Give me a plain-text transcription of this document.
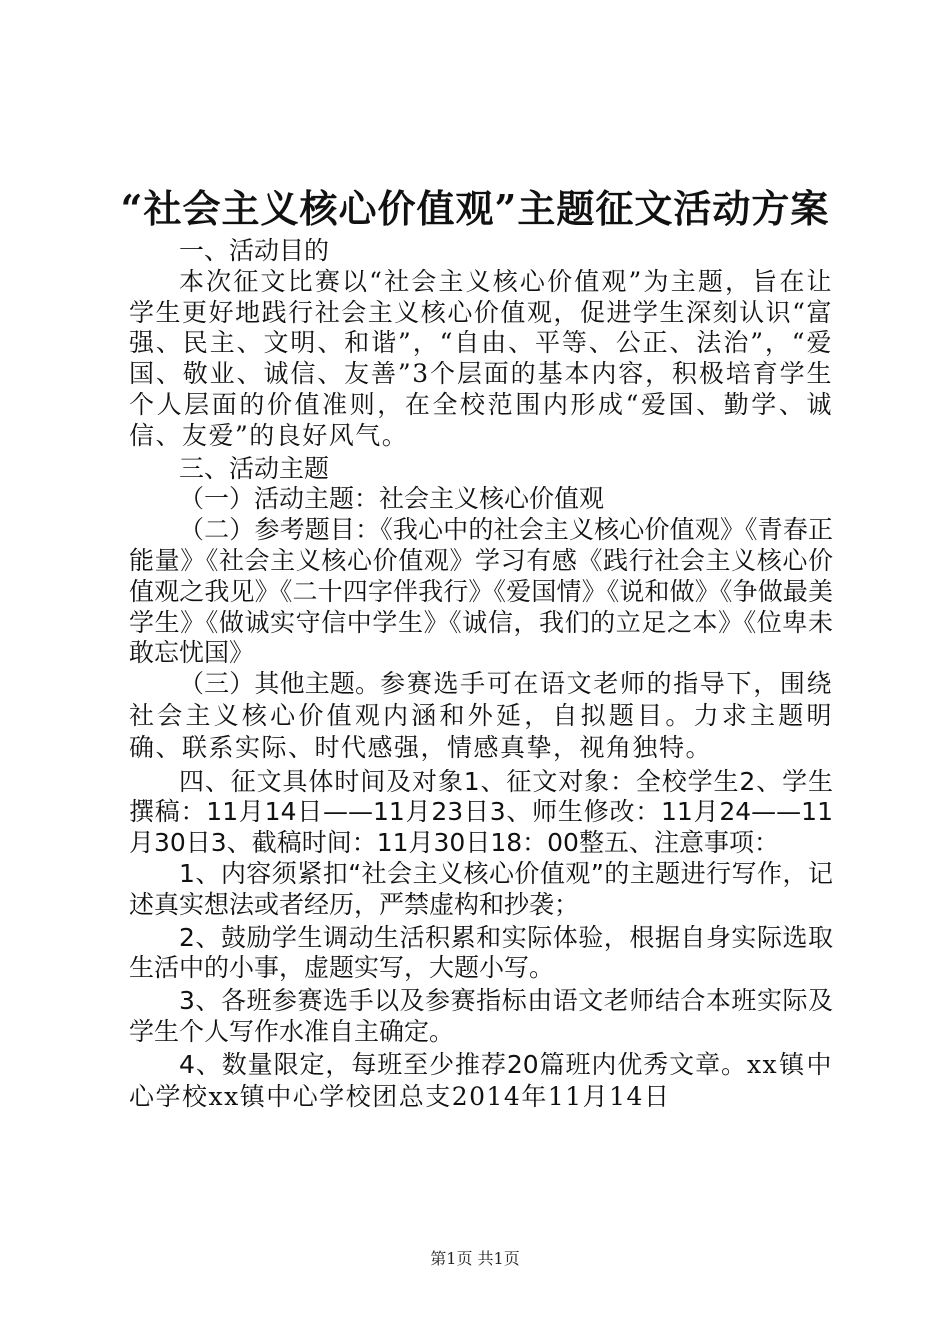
“社会主义核心价值观”主题征文活动方案

一、活动目的

本次征文比赛以“社会主义核心价值观”为主题，旨在让学生更好地践行社会主义核心价值观，促进学生深刻认识“富强、民主、文明、和谐”，“自由、平等、公正、法治”，“爱国、敬业、诚信、友善”3个层面的基本内容，积极培育学生个人层面的价值准则，在全校范围内形成“爱国、勤学、诚信、友爱”的良好风气。

三、活动主题

（一）活动主题：社会主义核心价值观

（二）参考题目：《我心中的社会主义核心价值观》《青春正能量》《社会主义核心价值观》学习有感《践行社会主义核心价值观之我见》《二十四字伴我行》《爱国情》《说和做》《争做最美学生》《做诚实守信中学生》《诚信，我们的立足之本》《位卑未敢忘忧国》

（三）其他主题。参赛选手可在语文老师的指导下，围绕社会主义核心价值观内涵和外延，自拟题目。力求主题明确、联系实际、时代感强，情感真挚，视角独特。

四、征文具体时间及对象1、征文对象：全校学生2、学生撰稿：11月14日——11月23日3、师生修改：11月24——11月30日3、截稿时间：11月30日18：00整五、注意事项：

1、内容须紧扣“社会主义核心价值观”的主题进行写作，记述真实想法或者经历，严禁虚构和抄袭；

2、鼓励学生调动生活积累和实际体验，根据自身实际选取生活中的小事，虚题实写，大题小写。

3、各班参赛选手以及参赛指标由语文老师结合本班实际及学生个人写作水准自主确定。

4、数量限定，每班至少推荐20篇班内优秀文章。xx镇中心学校xx镇中心学校团总支2014年11月14日

第1页 共1页
